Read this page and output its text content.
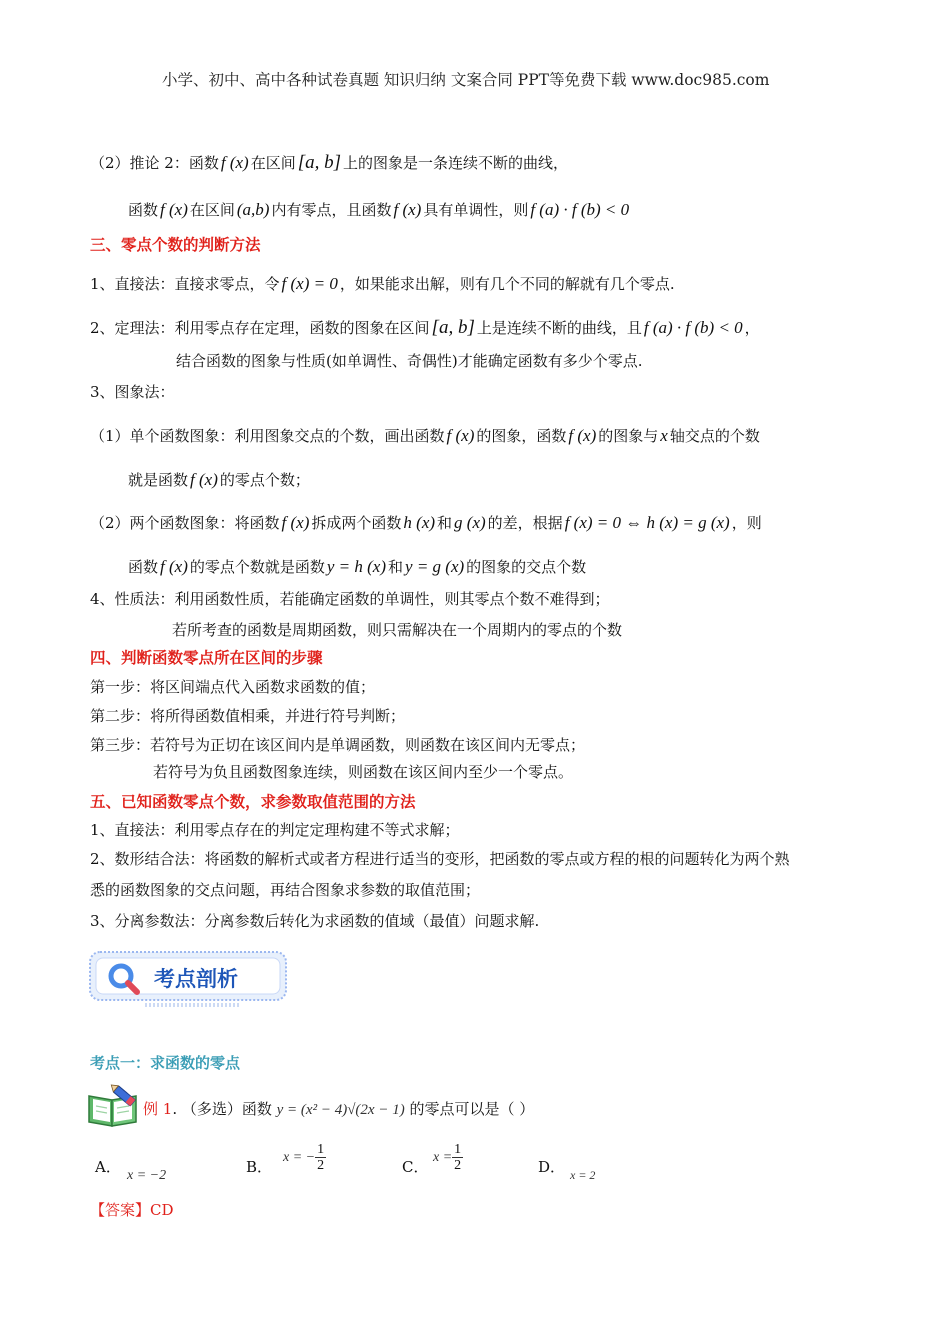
小学、初中、高中各种试卷真题 知识归纳 文案合同 PPT等免费下载 www.doc985.com
（2）推论 2：函数 f (x) 在区间 [a, b] 上的图象是一条连续不断的曲线，
函数 f (x) 在区间 (a,b) 内有零点，且函数 f (x) 具有单调性，则 f (a) · f (b) < 0
三、零点个数的判断方法
1、直接法：直接求零点，令 f (x) = 0 ，如果能求出解，则有几个不同的解就有几个零点.
2、定理法：利用零点存在定理，函数的图象在区间 [a, b] 上是连续不断的曲线，且 f (a) · f (b) < 0 ，
结合函数的图象与性质(如单调性、奇偶性)才能确定函数有多少个零点.
3、图象法：
（1）单个函数图象：利用图象交点的个数，画出函数 f (x) 的图象，函数 f (x) 的图象与 x 轴交点的个数
就是函数 f (x) 的零点个数；
（2）两个函数图象：将函数 f (x) 拆成两个函数 h (x) 和 g (x) 的差，根据 f (x) = 0 ⇔ h (x) = g (x) ，则
函数 f (x) 的零点个数就是函数 y = h (x) 和 y = g (x) 的图象的交点个数
4、性质法：利用函数性质，若能确定函数的单调性，则其零点个数不难得到；
若所考查的函数是周期函数，则只需解决在一个周期内的零点的个数
四、判断函数零点所在区间的步骤
第一步：将区间端点代入函数求函数的值；
第二步：将所得函数值相乘，并进行符号判断；
第三步：若符号为正切在该区间内是单调函数，则函数在该区间内无零点；
若符号为负且函数图象连续，则函数在该区间内至少一个零点。
五、已知函数零点个数，求参数取值范围的方法
1、直接法：利用零点存在的判定定理构建不等式求解；
2、数形结合法：将函数的解析式或者方程进行适当的变形，把函数的零点或方程的根的问题转化为两个熟
悉的函数图象的交点问题，再结合图象求参数的取值范围；
3、分离参数法：分离参数后转化为求函数的值域（最值）问题求解.
考点剖析
考点一：求函数的零点
例 1. （多选）函数 y = (x² − 4)√(2x − 1) 的零点可以是（ ）
A． x = −2	B．
x = − $\frac{1}{2}$	C．
$x = \frac{1}{2}$	D． x = 2
【答案】CD
